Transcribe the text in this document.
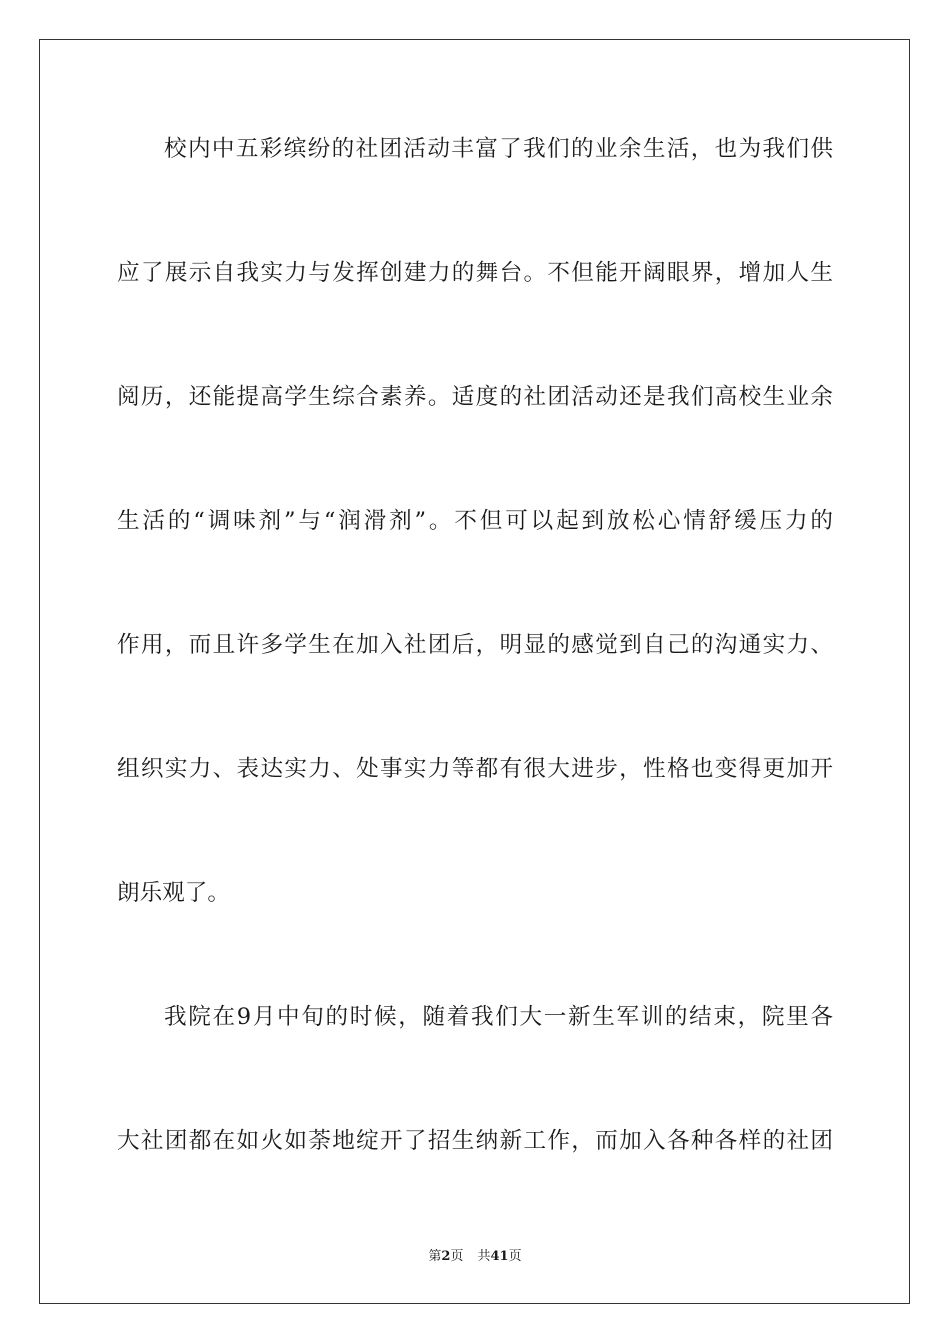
校内中五彩缤纷的社团活动丰富了我们的业余生活，也为我们供
应了展示自我实力与发挥创建力的舞台。不但能开阔眼界，增加人生
阅历，还能提高学生综合素养。适度的社团活动还是我们高校生业余
生活的“调味剂”与“润滑剂”。不但可以起到放松心情舒缓压力的
作用，而且许多学生在加入社团后，明显的感觉到自己的沟通实力、
组织实力、表达实力、处事实力等都有很大进步，性格也变得更加开
朗乐观了。
我院在9月中旬的时候，随着我们大一新生军训的结束，院里各
大社团都在如火如荼地绽开了招生纳新工作，而加入各种各样的社团
第2页 共41页
